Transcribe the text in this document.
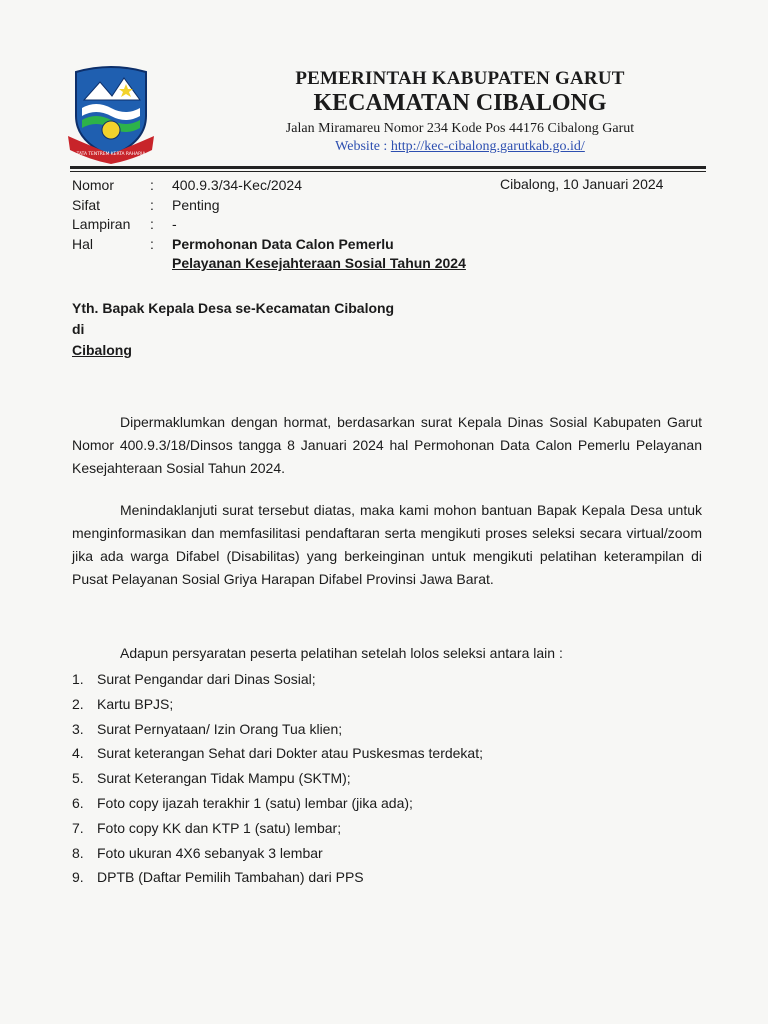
TATA TENTREM KERTA RAHARJA
PEMERINTAH KABUPATEN GARUT
KECAMATAN CIBALONG
Jalan Miramareu Nomor 234 Kode Pos 44176 Cibalong Garut
Website : http://kec-cibalong.garutkab.go.id/
Nomor	:	400.9.3/34-Kec/2024
Sifat	:	Penting
Lampiran	:	-
Hal	:	Permohonan Data Calon Pemerlu
Pelayanan Kesejahteraan Sosial Tahun 2024
Cibalong, 10 Januari 2024
Yth. Bapak Kepala Desa se-Kecamatan Cibalong
di
Cibalong
Dipermaklumkan dengan hormat, berdasarkan surat Kepala Dinas Sosial Kabupaten Garut Nomor 400.9.3/18/Dinsos tangga 8 Januari 2024 hal Permohonan Data Calon Pemerlu Pelayanan Kesejahteraan Sosial Tahun 2024.
Menindaklanjuti surat tersebut diatas, maka kami mohon bantuan Bapak Kepala Desa untuk menginformasikan dan memfasilitasi pendaftaran serta mengikuti proses seleksi secara virtual/zoom jika ada warga Difabel (Disabilitas) yang berkeinginan untuk mengikuti pelatihan keterampilan di Pusat Pelayanan Sosial Griya Harapan Difabel Provinsi Jawa Barat.
Adapun persyaratan peserta pelatihan setelah lolos seleksi antara lain :
1. Surat Pengandar dari Dinas Sosial;
2. Kartu BPJS;
3. Surat Pernyataan/ Izin Orang Tua klien;
4. Surat keterangan Sehat dari Dokter atau Puskesmas terdekat;
5. Surat Keterangan Tidak Mampu (SKTM);
6. Foto copy ijazah terakhir 1 (satu) lembar (jika ada);
7. Foto copy KK dan KTP 1 (satu) lembar;
8. Foto ukuran 4X6 sebanyak 3 lembar
9. DPTB (Daftar Pemilih Tambahan) dari PPS
